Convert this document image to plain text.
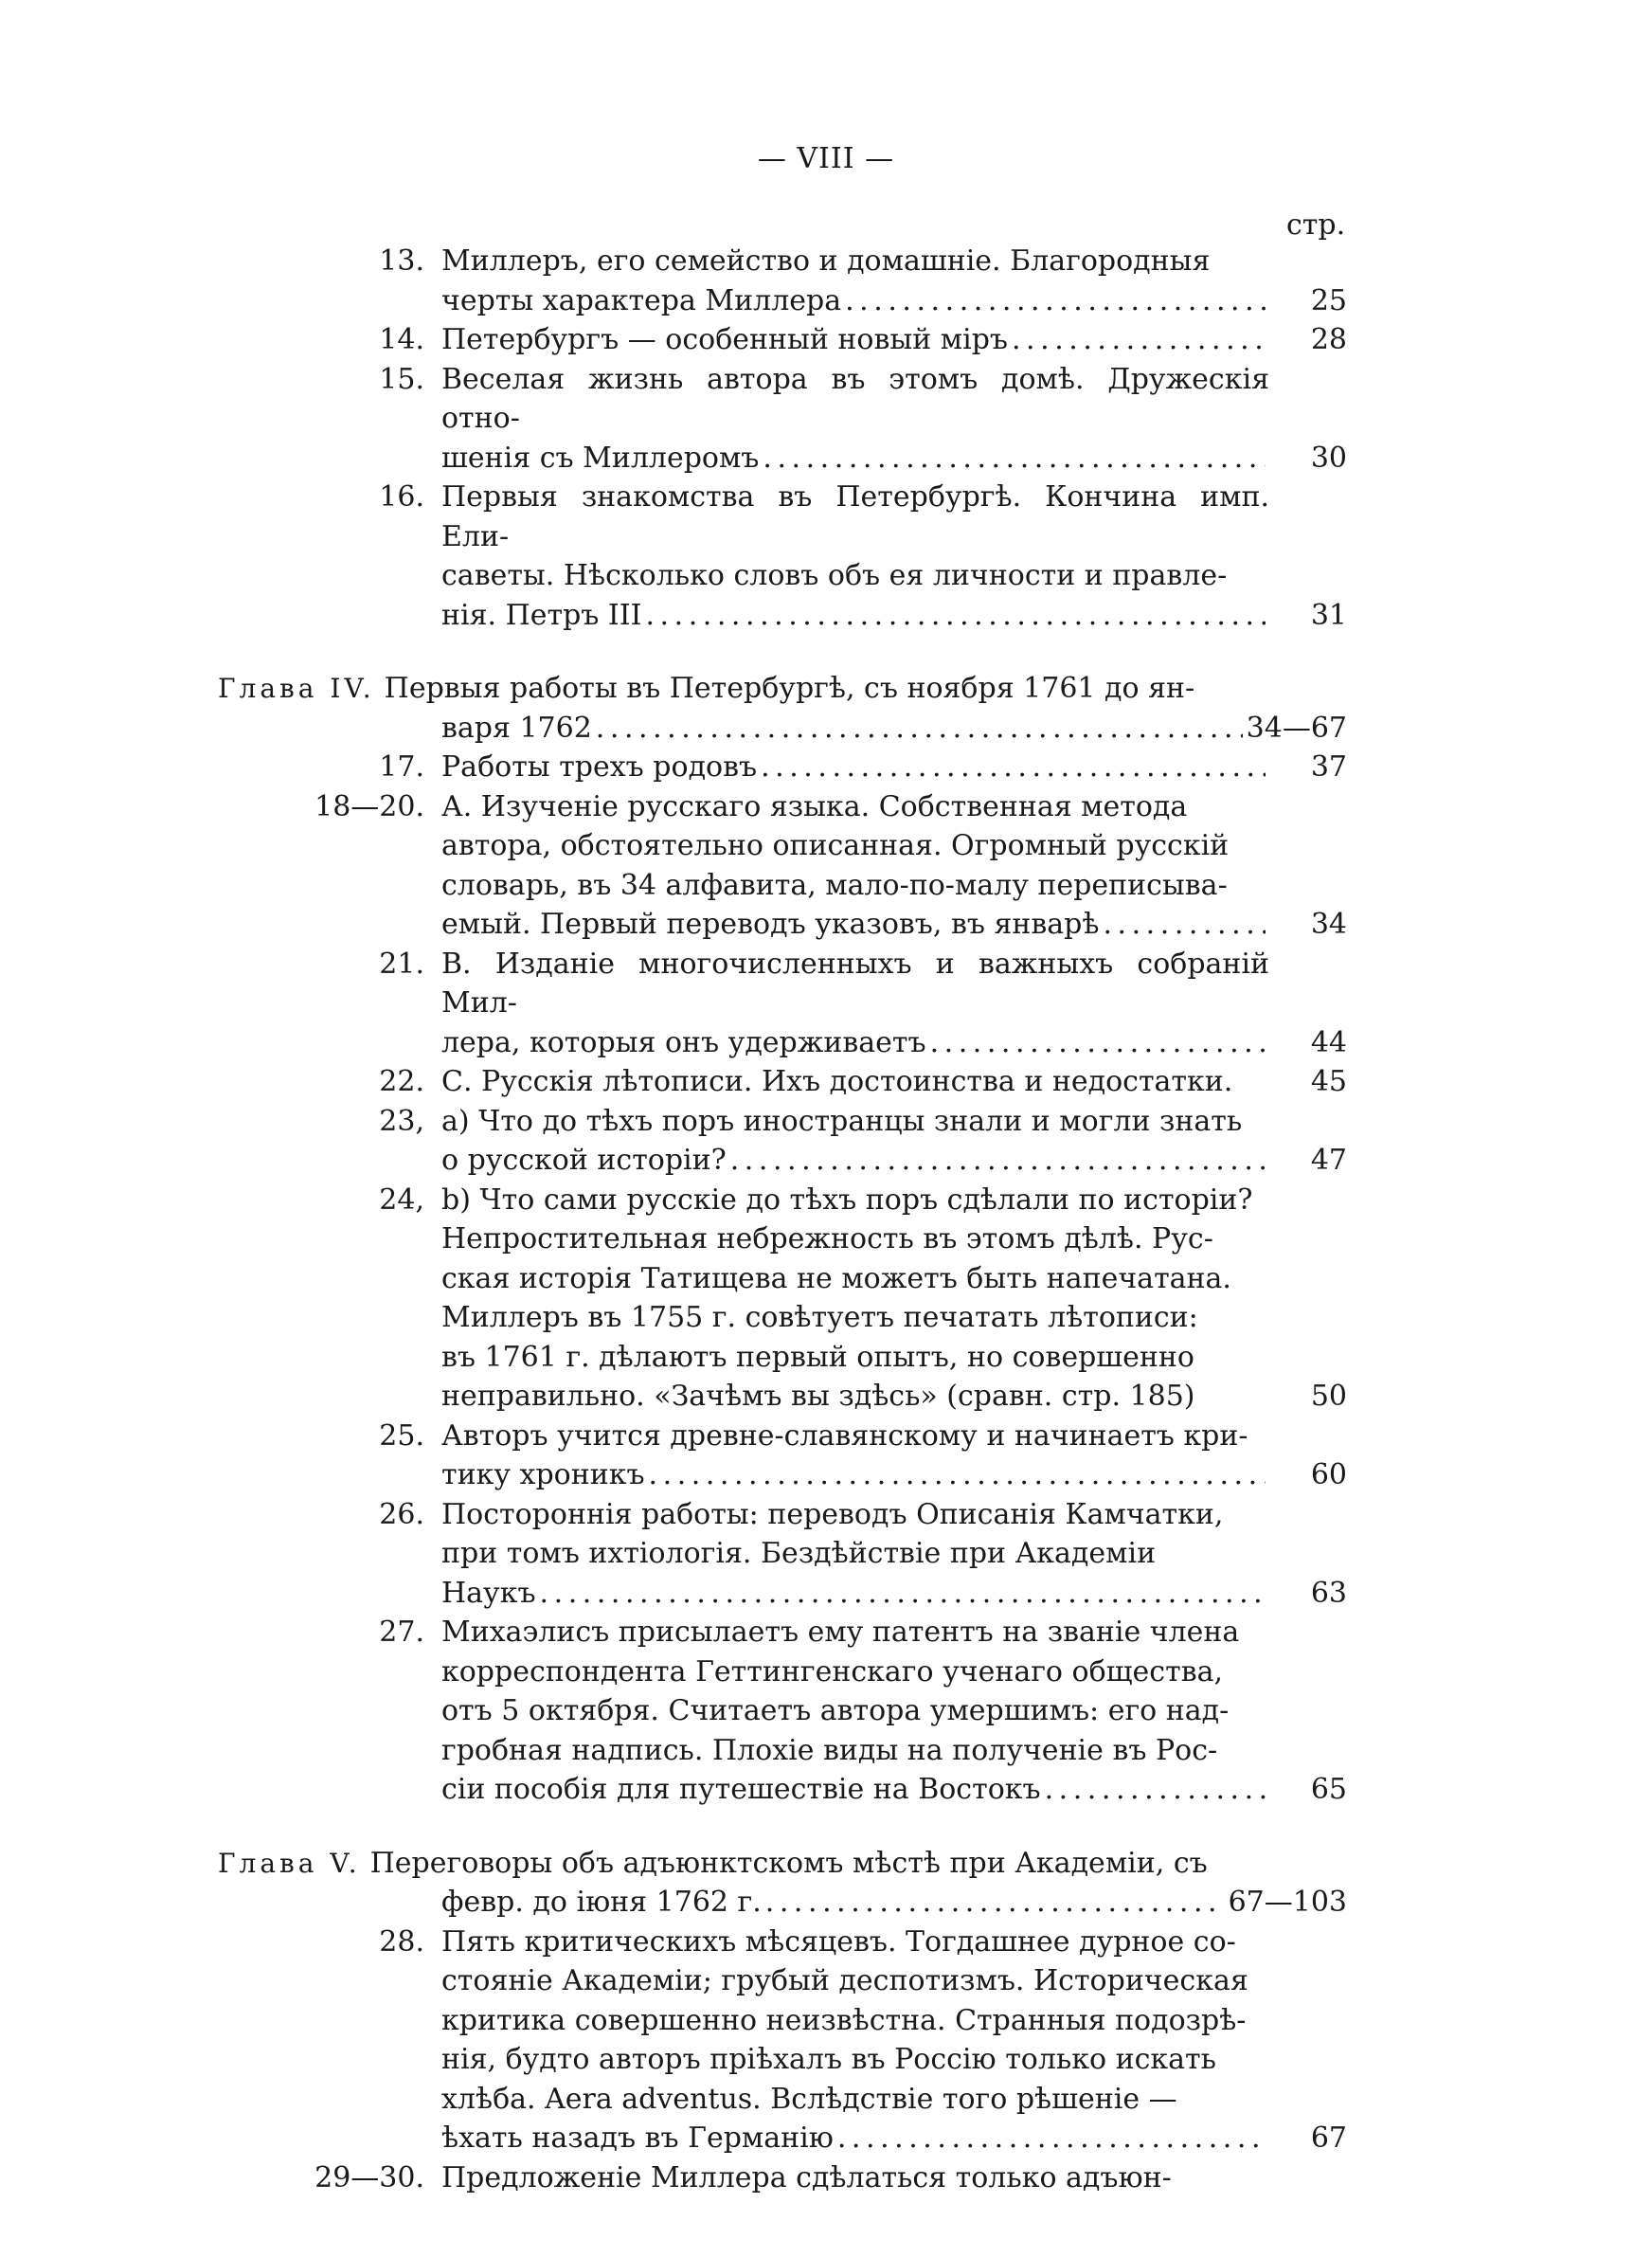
— VIII —
стр.
13. Миллеръ, его семейство и домашніе. Благородныя
черты характера Миллера . . .	25
14. Петербургъ — особенный новый міръ . . .	28
15. Веселая жизнь автора въ этомъ домѣ. Дружескія отно-
шенія съ Миллеромъ . . .	30
16. Первыя знакомства въ Петербургѣ. Кончина имп. Ели-
саветы. Нѣсколько словъ объ ея личности и правле-
нія. Петръ III . . .	31
Глава IV. Первыя работы въ Петербургѣ, съ ноября 1761 до ян-
варя 1762 . . .	34—67
17. Работы трехъ родовъ . . .	37
18—20. А. Изученіе русскаго языка. Собственная метода
автора, обстоятельно описанная. Огромный русскій
словарь, въ 34 алфавита, мало-по-малу переписыва-
емый. Первый переводъ указовъ, въ январѣ . . .	34
21. В. Изданіе многочисленныхъ и важныхъ собраній Мил-
лера, которыя онъ удерживаетъ . . .	44
22. С. Русскія лѣтописи. Ихъ достоинства и недостатки.	45
23, а) Что до тѣхъ поръ иностранцы знали и могли знать
о русской исторіи? . . .	47
24, b) Что сами русскіе до тѣхъ поръ сдѣлали по исторіи?
Непростительная небрежность въ этомъ дѣлѣ. Рус-
ская исторія Татищева не можетъ быть напечатана.
Миллеръ въ 1755 г. совѣтуетъ печатать лѣтописи:
въ 1761 г. дѣлаютъ первый опытъ, но совершенно
неправильно. «Зачѣмъ вы здѣсь» (сравн. стр. 185)	50
25. Авторъ учится древне-славянскому и начинаетъ кри-
тику хроникъ . . .	60
26. Постороннія работы: переводъ Описанія Камчатки,
при томъ ихтіологія. Бездѣйствіе при Академіи
Наукъ . . .	63
27. Михаэлисъ присылаетъ ему патентъ на званіе члена
корреспондента Геттингенскаго ученаго общества,
отъ 5 октября. Считаетъ автора умершимъ: его над-
гробная надпись. Плохіе виды на полученіе въ Рос-
сіи пособія для путешествіе на Востокъ . . .	65
Глава V. Переговоры объ адъюнктскомъ мѣстѣ при Академіи, съ
февр. до іюня 1762 г. . . .	67—103
28. Пять критическихъ мѣсяцевъ. Тогдашнее дурное со-
стояніе Академіи; грубый деспотизмъ. Историческая
критика совершенно неизвѣстна. Странныя подозрѣ-
нія, будто авторъ пріѣхалъ въ Россію только искать
хлѣба. Aera adventus. Вслѣдствіе того рѣшеніе —
ѣхать назадъ въ Германію . . .	67
29—30. Предложеніе Миллера сдѣлаться только адъюн-
